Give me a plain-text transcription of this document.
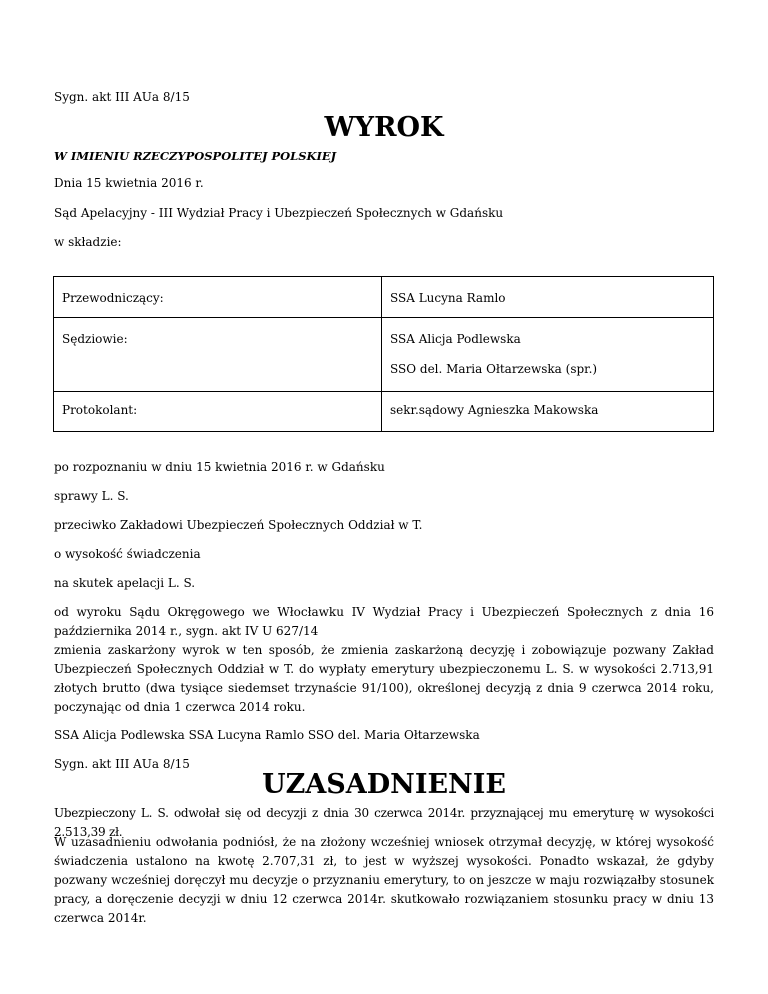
Sygn. akt III AUa 8/15

WYROK

W IMIENIU RZECZYPOSPOLITEJ POLSKIEJ

Dnia 15 kwietnia 2016 r.

Sąd Apelacyjny - III Wydział Pracy i Ubezpieczeń Społecznych w Gdańsku

w składzie:

Przewodniczący:	SSA Lucyna Ramlo

Sędziowie:	SSA Alicja Podlewska
SSO del. Maria Ołtarzewska (spr.)

Protokolant:	sekr.sądowy Agnieszka Makowska

po rozpoznaniu w dniu 15 kwietnia 2016 r. w Gdańsku

sprawy L. S.

przeciwko Zakładowi Ubezpieczeń Społecznych Oddział w T.

o wysokość świadczenia

na skutek apelacji L. S.

od wyroku Sądu Okręgowego we Włocławku IV Wydział Pracy i Ubezpieczeń Społecznych z dnia 16 października 2014 r., sygn. akt IV U 627/14

zmienia zaskarżony wyrok w ten sposób, że zmienia zaskarżoną decyzję i zobowiązuje pozwany Zakład Ubezpieczeń Społecznych Oddział w T. do wypłaty emerytury ubezpieczonemu L. S. w wysokości 2.713,91 złotych brutto (dwa tysiące siedemset trzynaście 91/100), określonej decyzją z dnia 9 czerwca 2014 roku, poczynając od dnia 1 czerwca 2014 roku.

SSA Alicja Podlewska SSA Lucyna Ramlo SSO del. Maria Ołtarzewska

Sygn. akt III AUa 8/15

UZASADNIENIE

Ubezpieczony L. S. odwołał się od decyzji z dnia 30 czerwca 2014r. przyznającej mu emeryturę w wysokości 2.513,39 zł.

W uzasadnieniu odwołania podniósł, że na złożony wcześniej wniosek otrzymał decyzję, w której wysokość świadczenia ustalono na kwotę 2.707,31 zł, to jest w wyższej wysokości. Ponadto wskazał, że gdyby pozwany wcześniej doręczył mu decyzje o przyznaniu emerytury, to on jeszcze w maju rozwiązałby stosunek pracy, a doręczenie decyzji w dniu 12 czerwca 2014r. skutkowało rozwiązaniem stosunku pracy w dniu 13 czerwca 2014r.
